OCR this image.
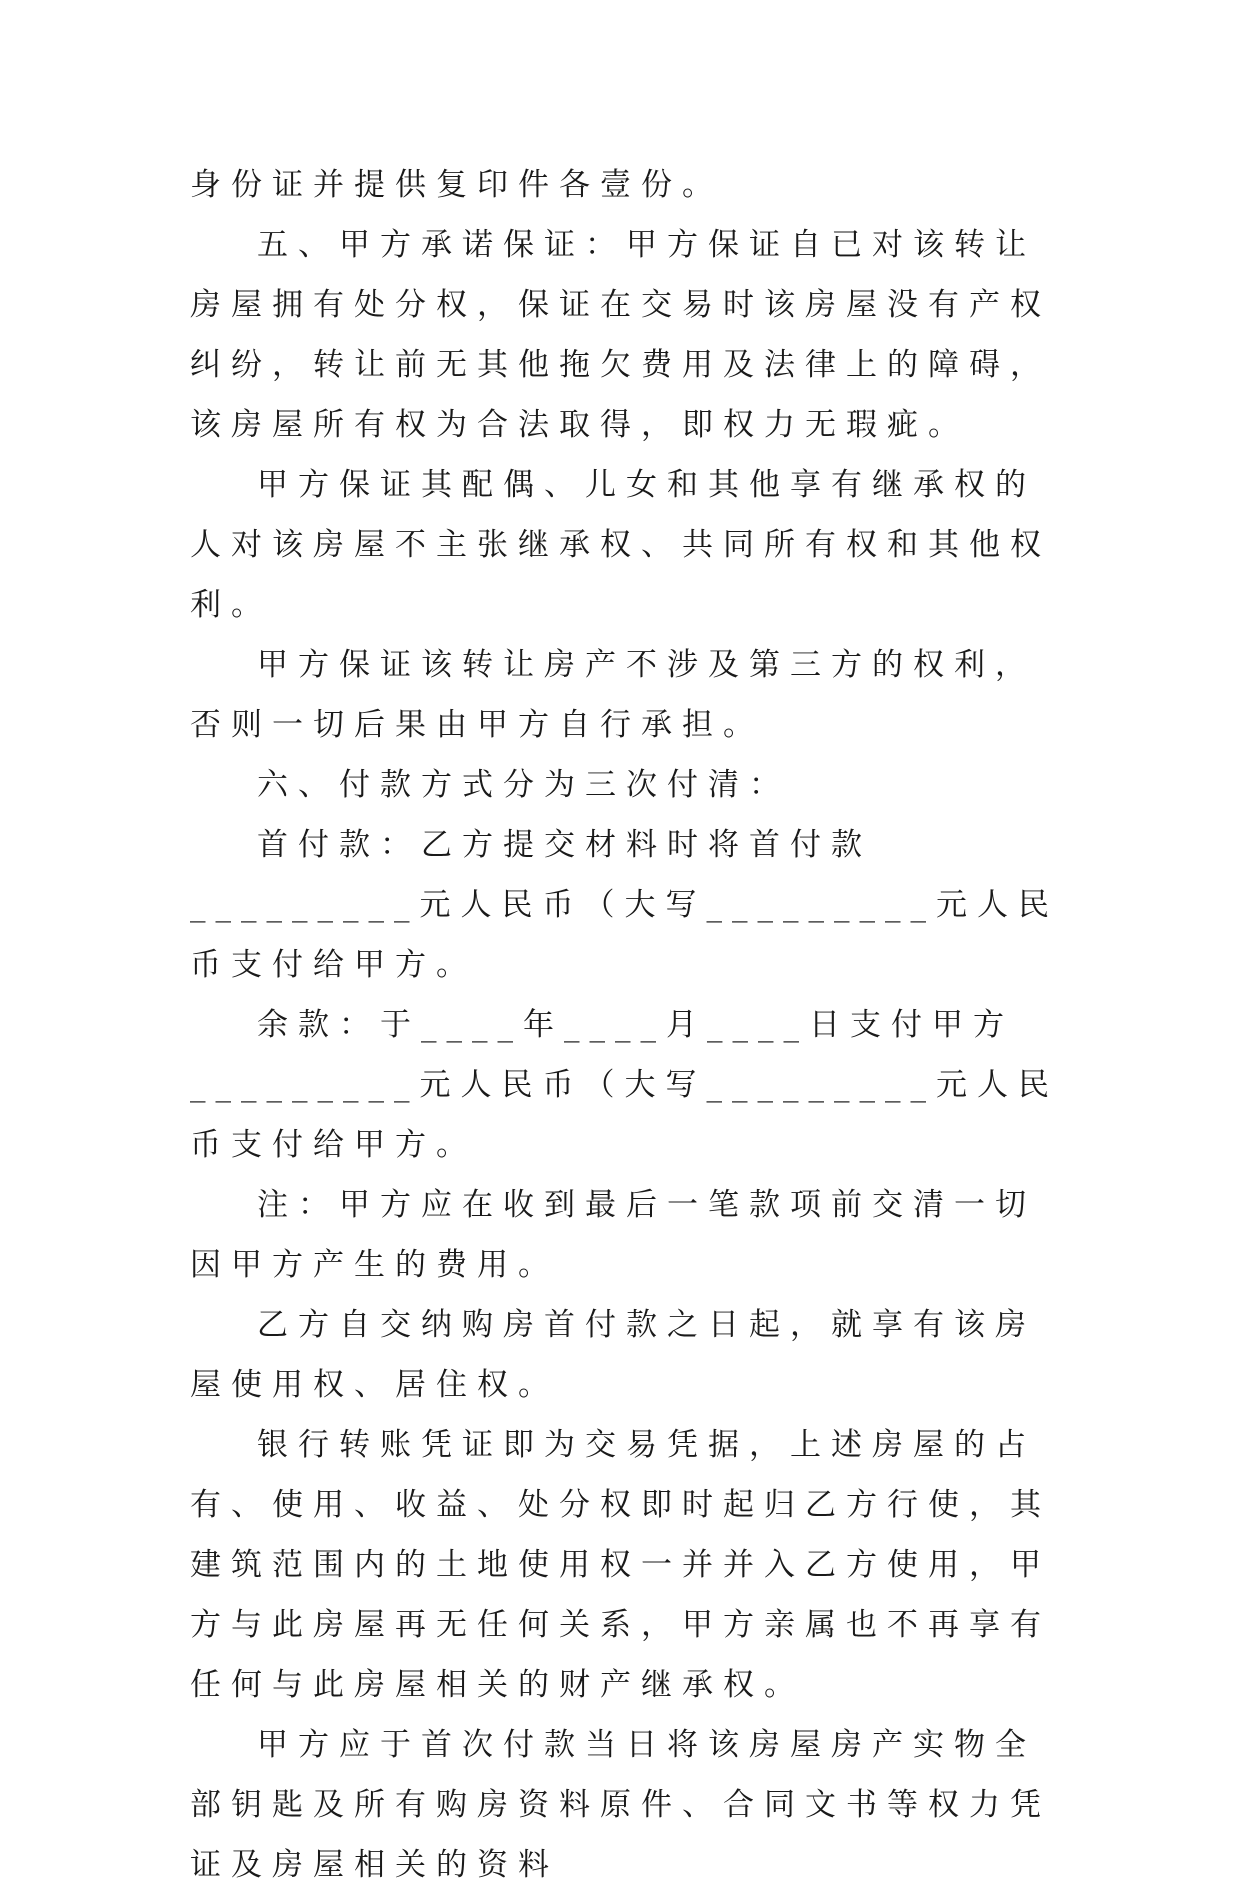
身份证并提供复印件各壹份。

五、甲方承诺保证：甲方保证自已对该转让房屋拥有处分权，保证在交易时该房屋没有产权纠纷，转让前无其他拖欠费用及法律上的障碍，该房屋所有权为合法取得，即权力无瑕疵。

甲方保证其配偶、儿女和其他享有继承权的人对该房屋不主张继承权、共同所有权和其他权利。

甲方保证该转让房产不涉及第三方的权利，否则一切后果由甲方自行承担。

六、付款方式分为三次付清：

首付款：乙方提交材料时将首付款_________元人民币（大写_________元人民币支付给甲方。

余款：于____年____月____日支付甲方_________元人民币（大写_________元人民币支付给甲方。

注：甲方应在收到最后一笔款项前交清一切因甲方产生的费用。

乙方自交纳购房首付款之日起，就享有该房屋使用权、居住权。

银行转账凭证即为交易凭据，上述房屋的占有、使用、收益、处分权即时起归乙方行使，其建筑范围内的土地使用权一并并入乙方使用，甲方与此房屋再无任何关系，甲方亲属也不再享有任何与此房屋相关的财产继承权。

甲方应于首次付款当日将该房屋房产实物全部钥匙及所有购房资料原件、合同文书等权力凭证及房屋相关的资料
